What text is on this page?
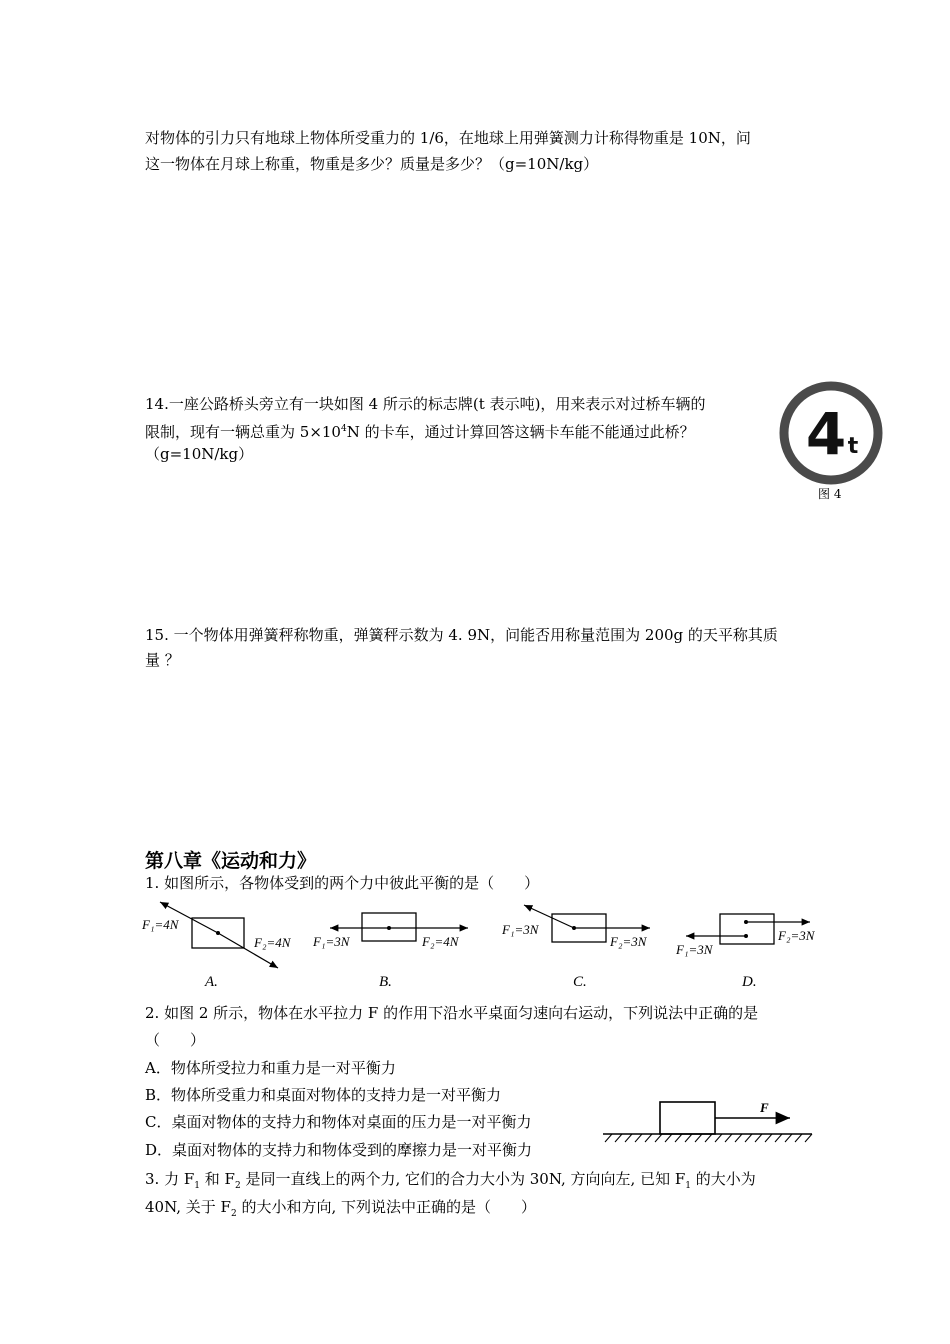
对物体的引力只有地球上物体所受重力的 1/6，在地球上用弹簧测力计称得物重是 10N，问
这一物体在月球上称重，物重是多少？质量是多少？（g=10N/kg）
14.一座公路桥头旁立有一块如图 4 所示的标志牌(t 表示吨)，用来表示对过桥车辆的
限制，现有一辆总重为 $5\times 10^4N$ 的卡车，通过计算回答这辆卡车能不能通过此桥？
（g=10N/kg）	4 t
图 4
15. 一个物体用弹簧秤称物重，弹簧秤示数为 4. 9N，问能否用称量范围为 200g 的天平称其质
量 ？
第八章《运动和力》
1. 如图所示，各物体受到的两个力中彼此平衡的是（　　）
F₁=4N
F₂=4N F₁=3N	F₂=4N
F₁=3N
F₂=3N	F₂=3N
F₁=3N
A.	B.	C.	D.
2. 如图 2 所示，物体在水平拉力 F 的作用下沿水平桌面匀速向右运动，下列说法中正确的是
（　　）
A．物体所受拉力和重力是一对平衡力
B．物体所受重力和桌面对物体的支持力是一对平衡力
C．桌面对物体的支持力和物体对桌面的压力是一对平衡力
D．桌面对物体的支持力和物体受到的摩擦力是一对平衡力
F
3. 力 $F_1$ 和 $F_2$ 是同一直线上的两个力, 它们的合力大小为 30N, 方向向左, 已知 $F_1$ 的大小为
40N, 关于 $F_2$ 的大小和方向, 下列说法中正确的是（　　）
